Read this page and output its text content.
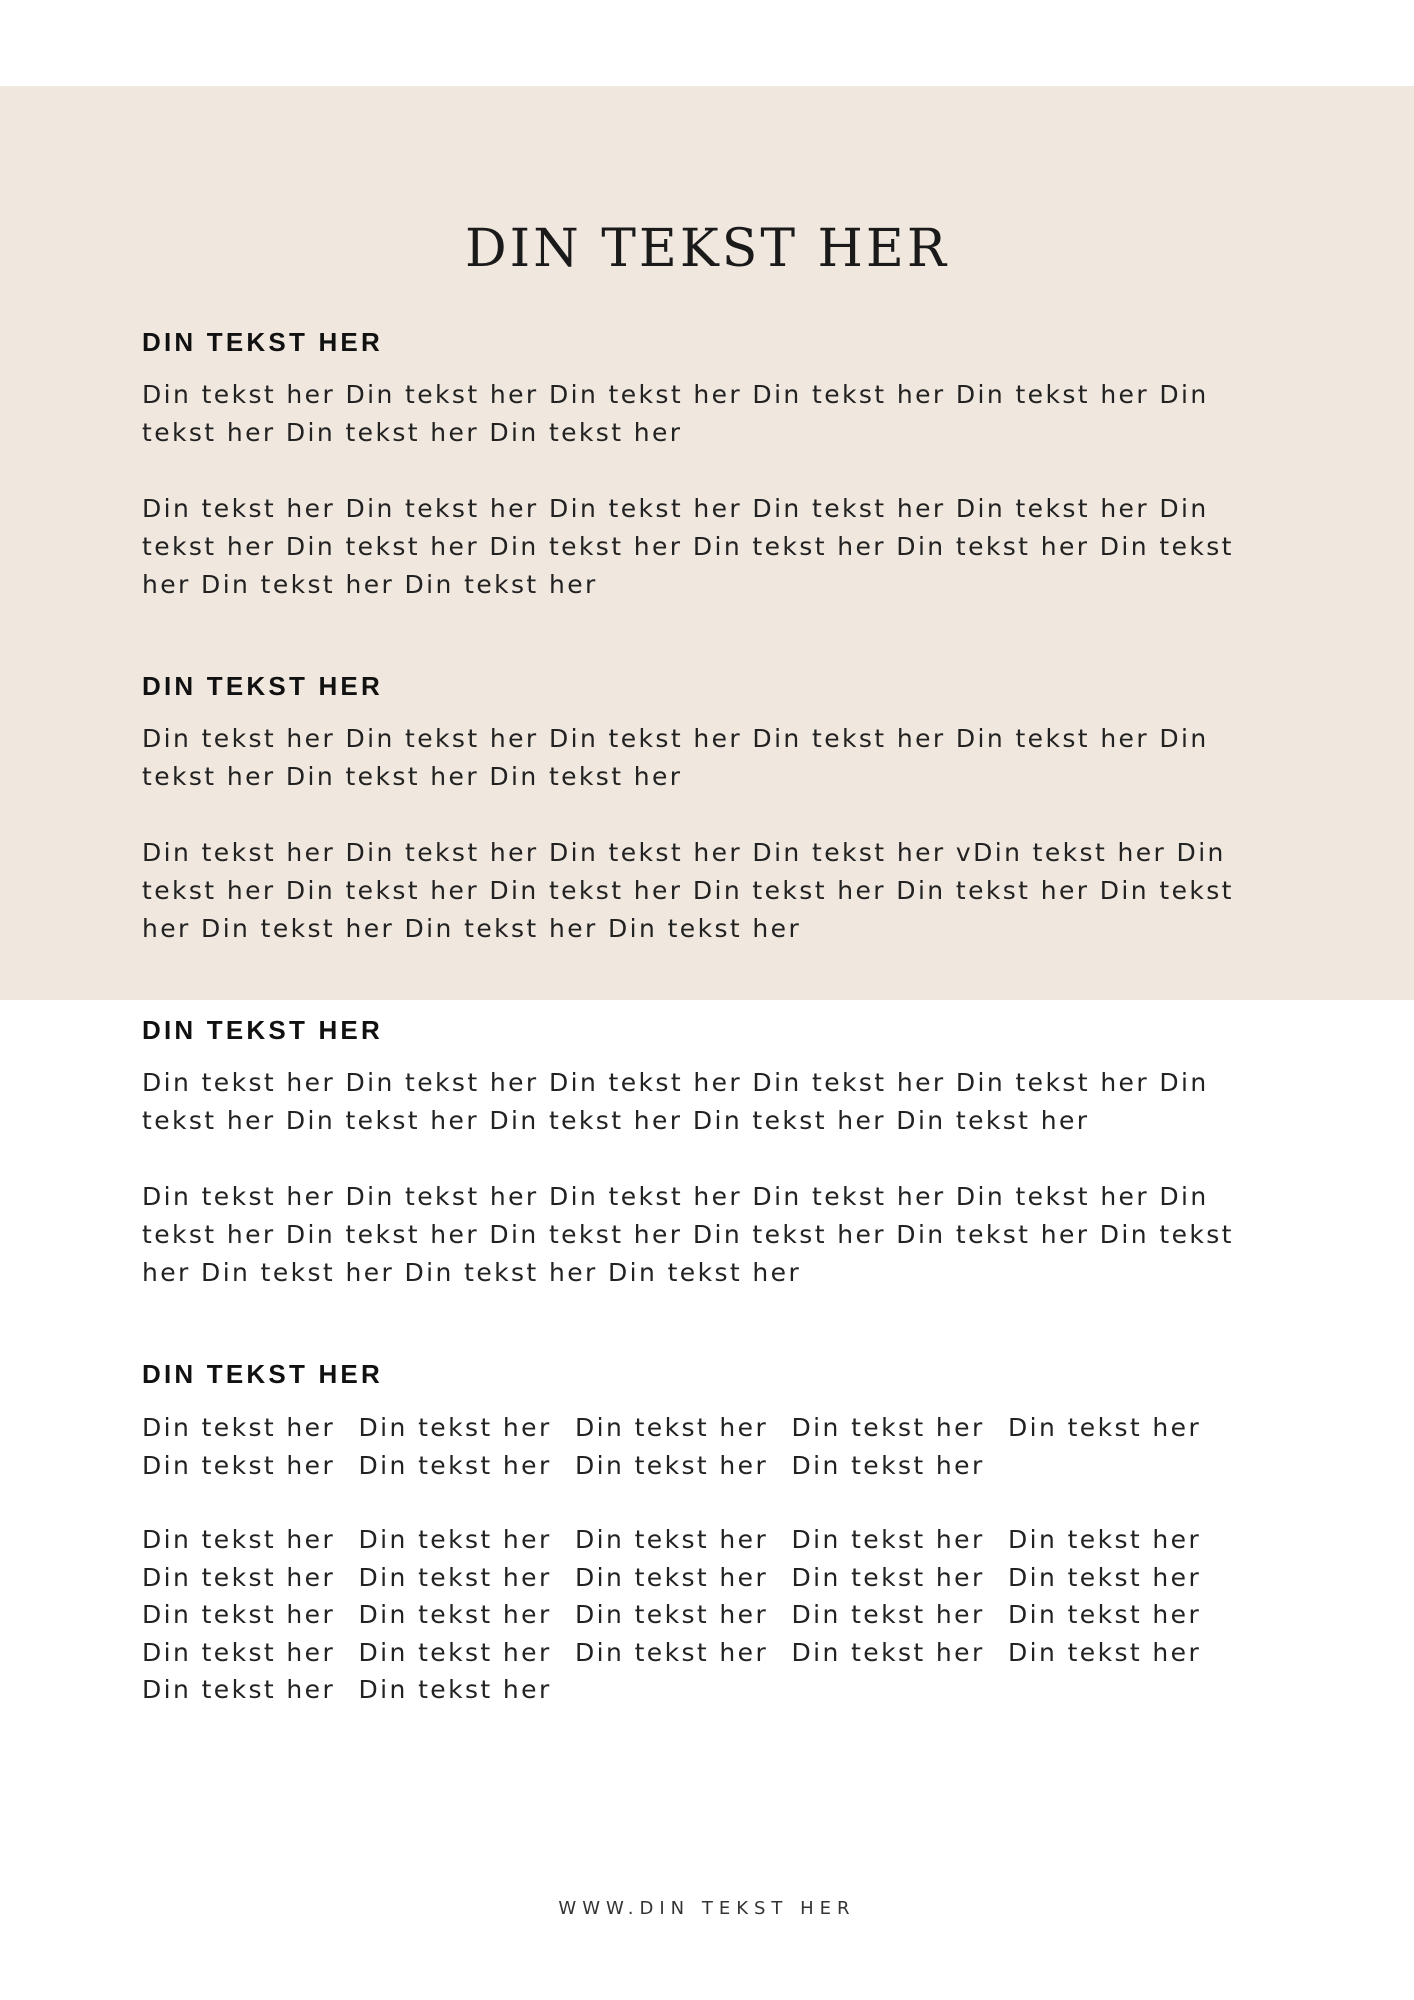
DIN TEKST HER
DIN TEKST HER

Din tekst her Din tekst her Din tekst her Din tekst her Din tekst her Din tekst her Din tekst her Din tekst her

Din tekst her Din tekst her Din tekst her Din tekst her Din tekst her Din tekst her Din tekst her Din tekst her Din tekst her Din tekst her Din tekst her Din tekst her Din tekst her

DIN TEKST HER

Din tekst her Din tekst her Din tekst her Din tekst her Din tekst her Din tekst her Din tekst her Din tekst her

Din tekst her Din tekst her Din tekst her Din tekst her vDin tekst her Din tekst her Din tekst her Din tekst her Din tekst her Din tekst her Din tekst her Din tekst her Din tekst her Din tekst her

DIN TEKST HER

Din tekst her Din tekst her Din tekst her Din tekst her Din tekst her Din tekst her Din tekst her Din tekst her Din tekst her Din tekst her

Din tekst her Din tekst her Din tekst her Din tekst her Din tekst her Din tekst her Din tekst her Din tekst her Din tekst her Din tekst her Din tekst her Din tekst her Din tekst her Din tekst her

DIN TEKST HER
Din tekst her Din tekst her Din tekst her Din tekst her Din tekst her
Din tekst her Din tekst her Din tekst her Din tekst her
Din tekst her Din tekst her Din tekst her Din tekst her Din tekst her
Din tekst her Din tekst her Din tekst her Din tekst her Din tekst her
Din tekst her Din tekst her Din tekst her Din tekst her Din tekst her
Din tekst her Din tekst her Din tekst her Din tekst her Din tekst her
Din tekst her Din tekst her
WWW.DIN TEKST HER
